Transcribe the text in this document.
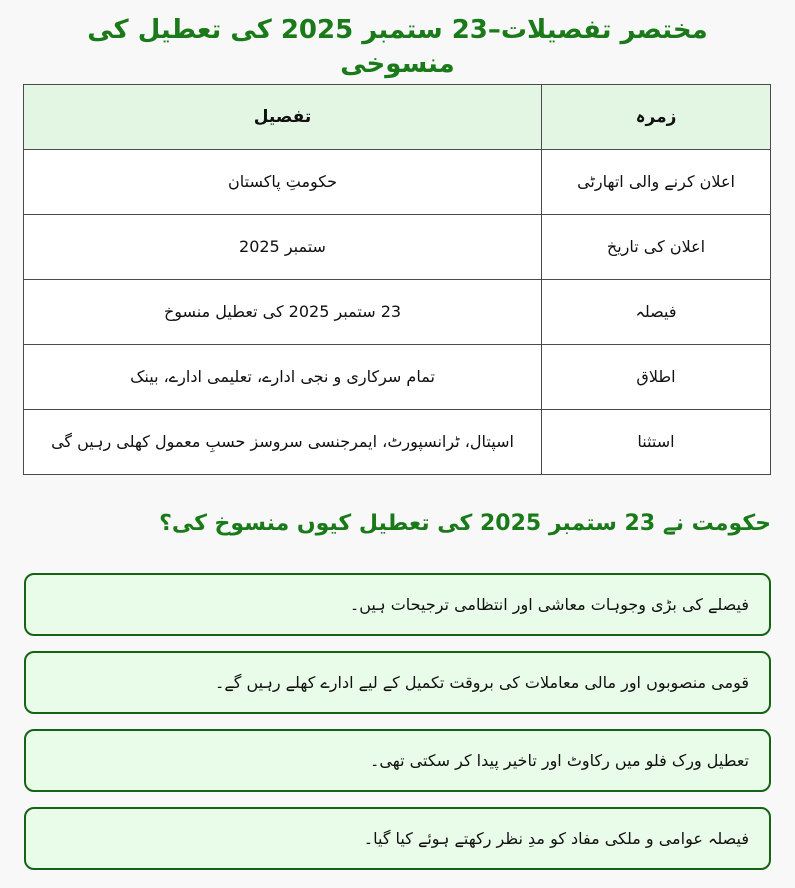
مختصر تفصیلات–23 ستمبر 2025 کی تعطیل کی منسوخی
زمرہ	تفصیل
اعلان کرنے والی اتھارٹی	حکومتِ پاکستان
اعلان کی تاریخ	ستمبر 2025
فیصلہ	23 ستمبر 2025 کی تعطیل منسوخ
اطلاق	تمام سرکاری و نجی ادارے، تعلیمی ادارے، بینک
استثنا	اسپتال، ٹرانسپورٹ، ایمرجنسی سروسز حسبِ معمول کھلی رہیں گی
حکومت نے 23 ستمبر 2025 کی تعطیل کیوں منسوخ کی؟
فیصلے کی بڑی وجوہات معاشی اور انتظامی ترجیحات ہیں۔
قومی منصوبوں اور مالی معاملات کی بروقت تکمیل کے لیے ادارے کھلے رہیں گے۔
تعطیل ورک فلو میں رکاوٹ اور تاخیر پیدا کر سکتی تھی۔
فیصلہ عوامی و ملکی مفاد کو مدِ نظر رکھتے ہوئے کیا گیا۔
